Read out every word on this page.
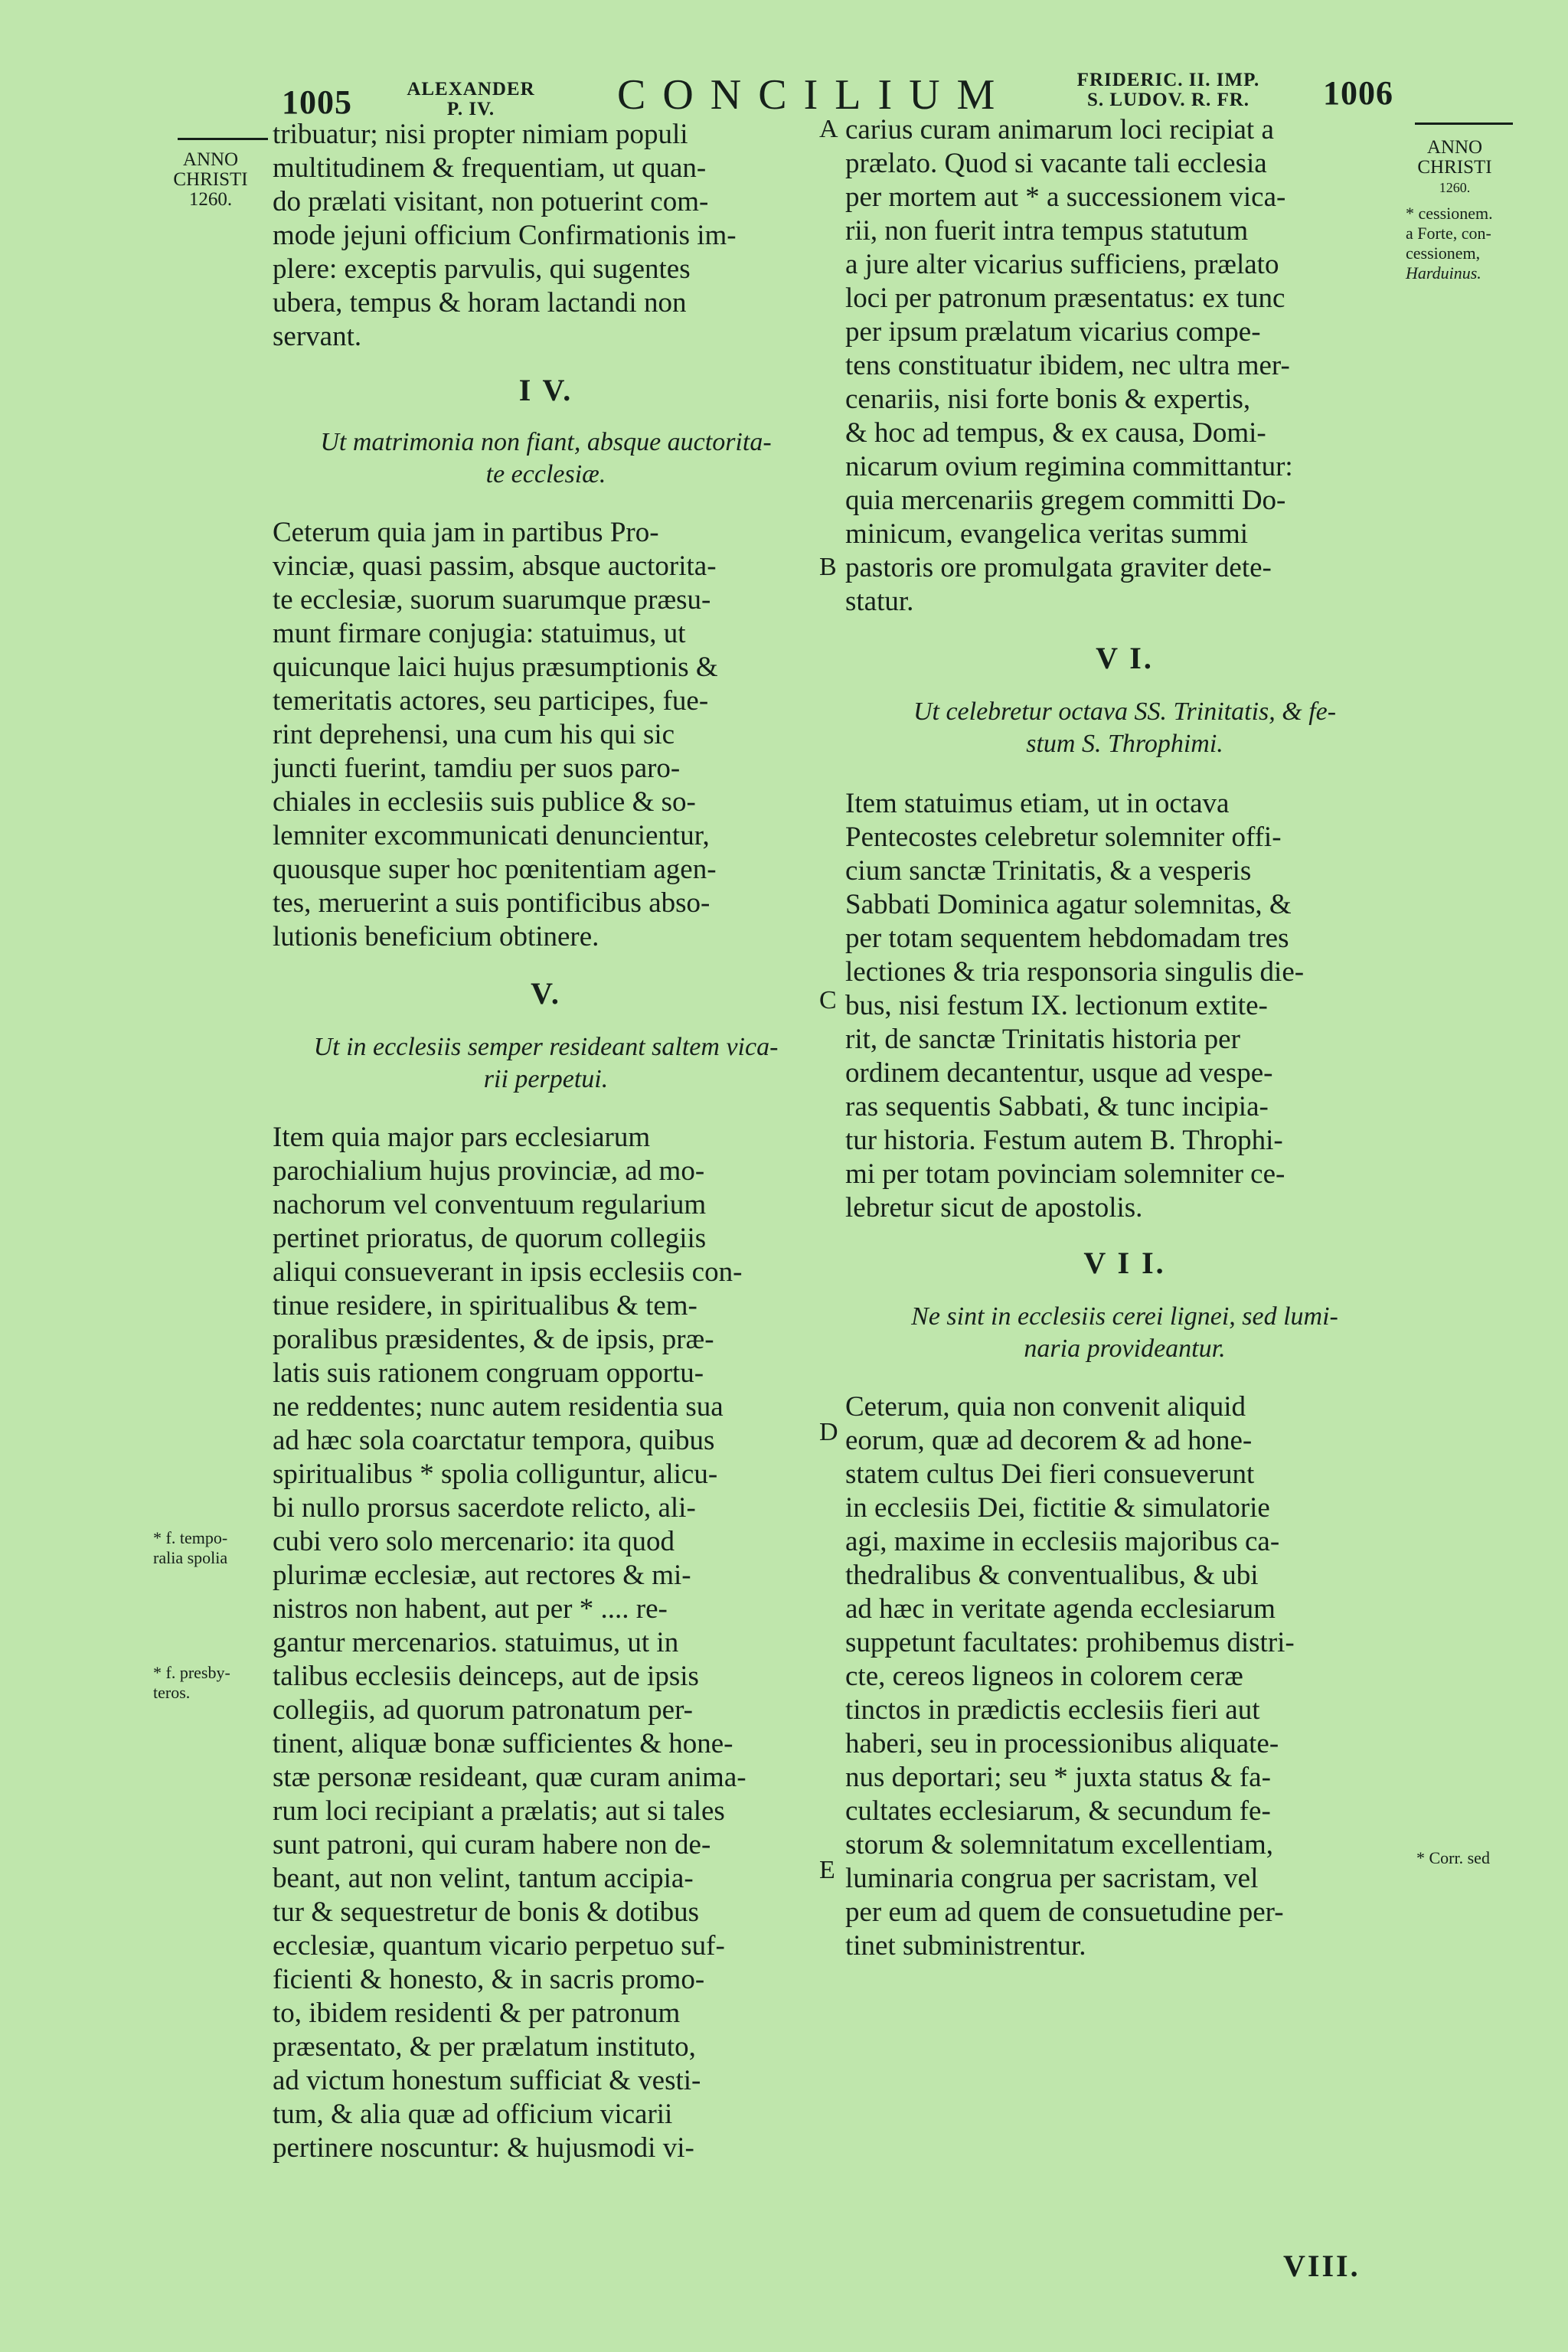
1005	ALEXANDER
P. IV.	CONCILIUM	FRIDERIC. II. IMP.
S. LUDOV. R. FR.	1006
ANNO
CHRISTI
1260.
* f. tempo-
ralia spolia
* f. presby-
teros.
ANNO
CHRISTI
1260.
* cessionem.
a Forte, con-
cessionem,
Harduinus.
* Corr. sed
A
B
C
D
E
tribuatur; nisi propter nimiam populi
multitudinem & frequentiam, ut quan-
do prælati visitant, non potuerint com-
mode jejuni officium Confirmationis im-
plere: exceptis parvulis, qui sugentes
ubera, tempus & horam lactandi non
servant.
I V.
Ut matrimonia non fiant, absque auctorita-
te ecclesiæ.
Ceterum quia jam in partibus Pro-
vinciæ, quasi passim, absque auctorita-
te ecclesiæ, suorum suarumque præsu-
munt firmare conjugia: statuimus, ut
quicunque laici hujus præsumptionis &
temeritatis actores, seu participes, fue-
rint deprehensi, una cum his qui sic
juncti fuerint, tamdiu per suos paro-
chiales in ecclesiis suis publice & so-
lemniter excommunicati denuncientur,
quousque super hoc pœnitentiam agen-
tes, meruerint a suis pontificibus abso-
lutionis beneficium obtinere.
V.
Ut in ecclesiis semper resideant saltem vica-
rii perpetui.
Item quia major pars ecclesiarum
parochialium hujus provinciæ, ad mo-
nachorum vel conventuum regularium
pertinet prioratus, de quorum collegiis
aliqui consueverant in ipsis ecclesiis con-
tinue residere, in spiritualibus & tem-
poralibus præsidentes, & de ipsis, præ-
latis suis rationem congruam opportu-
ne reddentes; nunc autem residentia sua
ad hæc sola coarctatur tempora, quibus
spiritualibus * spolia colliguntur, alicu-
bi nullo prorsus sacerdote relicto, ali-
cubi vero solo mercenario: ita quod
plurimæ ecclesiæ, aut rectores & mi-
nistros non habent, aut per * .... re-
gantur mercenarios. statuimus, ut in
talibus ecclesiis deinceps, aut de ipsis
collegiis, ad quorum patronatum per-
tinent, aliquæ bonæ sufficientes & hone-
stæ personæ resideant, quæ curam anima-
rum loci recipiant a prælatis; aut si tales
sunt patroni, qui curam habere non de-
beant, aut non velint, tantum accipia-
tur & sequestretur de bonis & dotibus
ecclesiæ, quantum vicario perpetuo suf-
ficienti & honesto, & in sacris promo-
to, ibidem residenti & per patronum
præsentato, & per prælatum instituto,
ad victum honestum sufficiat & vesti-
tum, & alia quæ ad officium vicarii
pertinere noscuntur: & hujusmodi vi-
carius curam animarum loci recipiat a
prælato. Quod si vacante tali ecclesia
per mortem aut * a successionem vica-
rii, non fuerit intra tempus statutum
a jure alter vicarius sufficiens, prælato
loci per patronum præsentatus: ex tunc
per ipsum prælatum vicarius compe-
tens constituatur ibidem, nec ultra mer-
cenariis, nisi forte bonis & expertis,
& hoc ad tempus, & ex causa, Domi-
nicarum ovium regimina committantur:
quia mercenariis gregem committi Do-
minicum, evangelica veritas summi
pastoris ore promulgata graviter dete-
statur.
V I.
Ut celebretur octava SS. Trinitatis, & fe-
stum S. Throphimi.
Item statuimus etiam, ut in octava
Pentecostes celebretur solemniter offi-
cium sanctæ Trinitatis, & a vesperis
Sabbati Dominica agatur solemnitas, &
per totam sequentem hebdomadam tres
lectiones & tria responsoria singulis die-
bus, nisi festum IX. lectionum extite-
rit, de sanctæ Trinitatis historia per
ordinem decantentur, usque ad vespe-
ras sequentis Sabbati, & tunc incipia-
tur historia. Festum autem B. Throphi-
mi per totam povinciam solemniter ce-
lebretur sicut de apostolis.
V I I.
Ne sint in ecclesiis cerei lignei, sed lumi-
naria provideantur.
Ceterum, quia non convenit aliquid
eorum, quæ ad decorem & ad hone-
statem cultus Dei fieri consueverunt
in ecclesiis Dei, fictitie & simulatorie
agi, maxime in ecclesiis majoribus ca-
thedralibus & conventualibus, & ubi
ad hæc in veritate agenda ecclesiarum
suppetunt facultates: prohibemus distri-
cte, cereos ligneos in colorem ceræ
tinctos in prædictis ecclesiis fieri aut
haberi, seu in processionibus aliquate-
nus deportari; seu * juxta status & fa-
cultates ecclesiarum, & secundum fe-
storum & solemnitatum excellentiam,
luminaria congrua per sacristam, vel
per eum ad quem de consuetudine per-
tinet subministrentur.
VIII.
